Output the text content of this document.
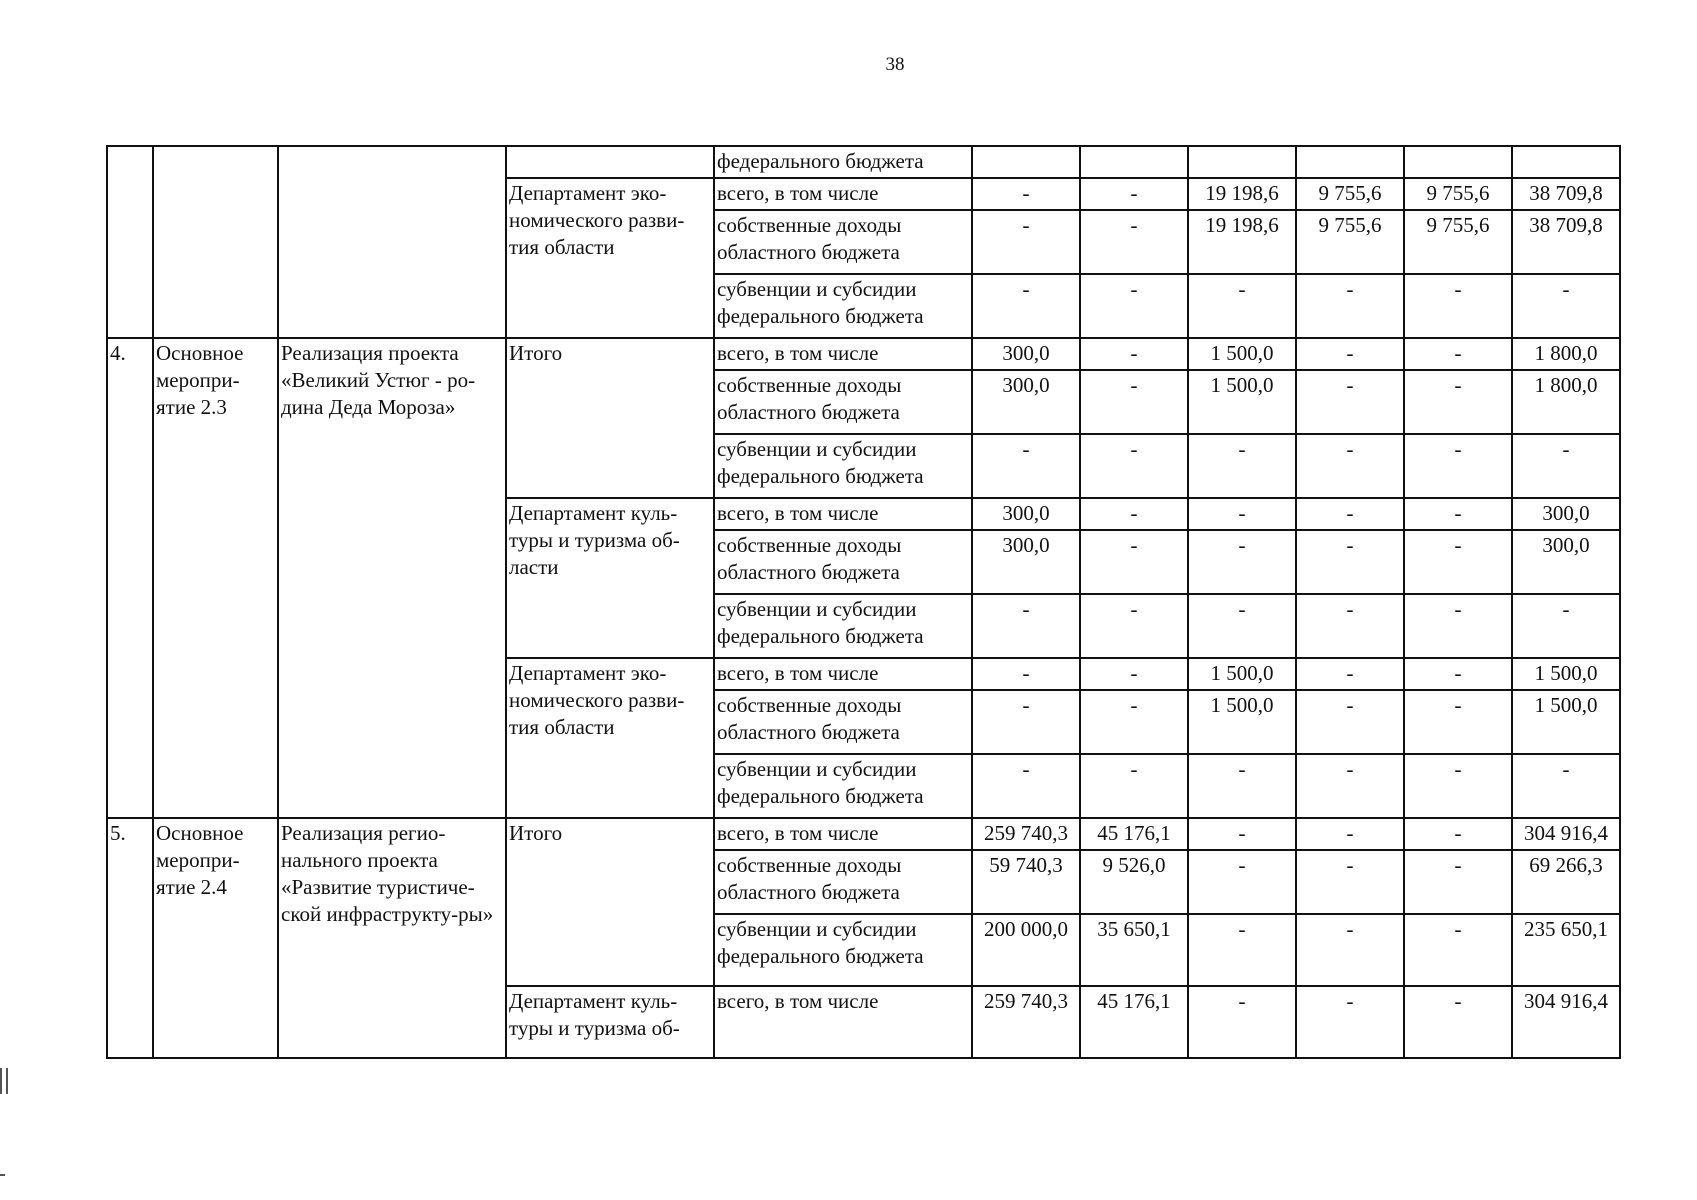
38
				федерального бюджета						
			Департамент эко-номического разви-тия области	всего, в том числе	-	-	19 198,6	9 755,6	9 755,6	38 709,8
				собственные доходы областного бюджета	-	-	19 198,6	9 755,6	9 755,6	38 709,8
				субвенции и субсидии федерального бюджета	-	-	-	-	-	-
4.	Основное меропри-ятие 2.3	Реализация проекта «Великий Устюг - ро-дина Деда Мороза»	Итого	всего, в том числе	300,0	-	1 500,0	-	-	1 800,0
				собственные доходы областного бюджета	300,0	-	1 500,0	-	-	1 800,0
				субвенции и субсидии федерального бюджета	-	-	-	-	-	-
			Департамент куль-туры и туризма об-ласти	всего, в том числе	300,0	-	-	-	-	300,0
				собственные доходы областного бюджета	300,0	-	-	-	-	300,0
				субвенции и субсидии федерального бюджета	-	-	-	-	-	-
			Департамент эко-номического разви-тия области	всего, в том числе	-	-	1 500,0	-	-	1 500,0
				собственные доходы областного бюджета	-	-	1 500,0	-	-	1 500,0
				субвенции и субсидии федерального бюджета	-	-	-	-	-	-
5.	Основное меропри-ятие 2.4	Реализация регио-нального проекта «Развитие туристиче-ской инфраструкту-ры»	Итого	всего, в том числе	259 740,3	45 176,1	-	-	-	304 916,4
				собственные доходы областного бюджета	59 740,3	9 526,0	-	-	-	69 266,3
				субвенции и субсидии федерального бюджета	200 000,0	35 650,1	-	-	-	235 650,1
			Департамент куль-туры и туризма об-	всего, в том числе	259 740,3	45 176,1	-	-	-	304 916,4
